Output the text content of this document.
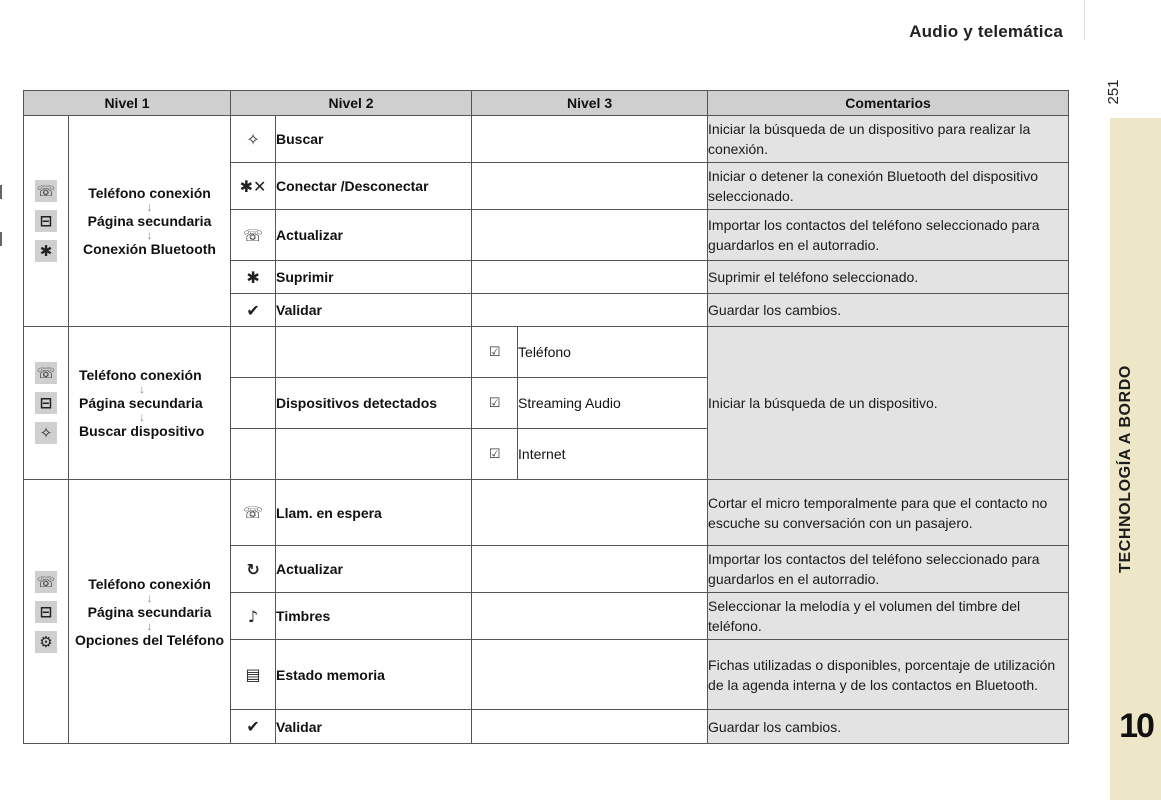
Audio y telemática
251
TECHNOLOGÍA A BORDO
10
Nivel 1		Nivel 2		Nivel 3		Comentarios

☏
⊟
✱	Teléfono conexión
↓
Página secundaria
↓
Conexión Bluetooth	✧	Buscar			Iniciar la búsqueda de un dispositivo para realizar la conexión.
		✱✕	Conectar /Desconectar			Iniciar o detener la conexión Bluetooth del dispositivo seleccionado.
		☏	Actualizar			Importar los contactos del teléfono seleccionado para guardarlos en el autorradio.
		✱	Suprimir			Suprimir el teléfono seleccionado.
		✔	Validar			Guardar los cambios.

☏
⊟
✧	Teléfono conexión
↓
Página secundaria
↓
Buscar dispositivo			☑	Teléfono	Iniciar la búsqueda de un dispositivo.
			Dispositivos detectados	☑	Streaming Audio	
				☑	Internet	

☏
⊟
⚙	Teléfono conexión
↓
Página secundaria
↓
Opciones del Teléfono	☏	Llam. en espera			Cortar el micro temporalmente para que el contacto no escuche su conversación con un pasajero.
		↻	Actualizar			Importar los contactos del teléfono seleccionado para guardarlos en el autorradio.
		♪	Timbres			Seleccionar la melodía y el volumen del timbre del teléfono.
		▤	Estado memoria			Fichas utilizadas o disponibles, porcentaje de utilización de la agenda interna y de los contactos en Bluetooth.
		✔	Validar			Guardar los cambios.
